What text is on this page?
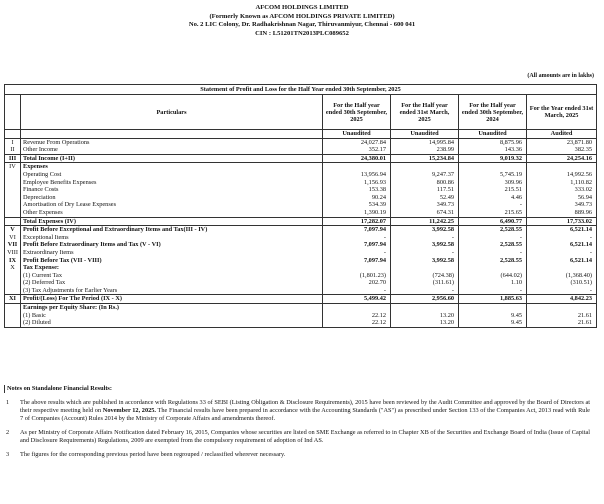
AFCOM HOLDINGS LIMITED
(Formerly Known as AFCOM HOLDINGS PRIVATE LIMITED)
No. 2 LIC Colony, Dr. Radhakrishnan Nagar, Thiruvanmiyur, Chennai - 600 041
CIN : L51201TN2013PLC089652
(All amounts are in lakhs)
Statement of Profit and Loss for the Half Year ended 30th September, 2025					
	Particulars	For the Half year ended 30th September, 2025	For the Half year ended 31st March, 2025	For the Half year ended 30th September, 2024	For the Year ended 31st March, 2025
		Unaudited	Unaudited	Unaudited	Audited
I	Revenue From Operations	24,027.84	14,995.84	8,875.96	23,871.80
II	Other Income	352.17	238.99	143.36	382.35
III	Total Income (I+II)	24,380.01	15,234.84	9,019.32	24,254.16
IV	Expenses				
	Operating Cost	13,956.94	9,247.37	5,745.19	14,992.56
	Employee Benefits Expenses	1,156.93	800.86	309.96	1,110.82
	Finance Costs	153.38	117.51	215.51	333.02
	Depreciation	90.24	52.49	4.46	56.94
	Amortisation of Dry Lease Expenses	534.39	349.73	-	349.73
	Other Expenses	1,390.19	674.31	215.65	889.96
	Total Expenses (IV)	17,282.07	11,242.25	6,490.77	17,733.02
V	Profit Before Exceptional and Extraordinary Items and Tax(III - IV)	7,097.94	3,992.58	2,528.55	6,521.14
VI	Exceptional Items	-	-	-	-
VII	Profit Before Extraordinary Items and Tax (V - VI)	7,097.94	3,992.58	2,528.55	6,521.14
VIII	Extraordinary Items	-	-	-	-
IX	Profit Before Tax (VII - VIII)	7,097.94	3,992.58	2,528.55	6,521.14
X	Tax Expense:				
	(1) Current Tax	(1,801.23)	(724.38)	(644.02)	(1,368.40)
	(2) Deferred Tax	202.70	(311.61)	1.10	(310.51)
	(3) Tax Adjustments for Earlier Years	-	-	-	-
XI	Profit/(Loss) For The Period (IX - X)	5,499.42	2,956.60	1,885.63	4,842.23
	Earnings per Equity Share: (In Rs.)				
	(1) Basic	22.12	13.20	9.45	21.61
	(2) Diluted	22.12	13.20	9.45	21.61
Notes on Standalone Financial Results:
1	The above results which are published in accordance with Regulations 33 of SEBI (Listing Obligation & Disclosure Requirements), 2015 have been reviewed by the Audit Committee and approved by the Board of Directors at their respective meeting held on November 12, 2025. The Financial results have been prepared in accordance with the Accounting Standards ("AS") as prescribed under Section 133 of the Companies Act, 2013 read with Rule 7 of Companies (Account) Rules 2014 by the Ministry of Corporate Affairs and amendments thereof.
2	As per Ministry of Corporate Affairs Notification dated February 16, 2015, Companies whose securities are listed on SME Exchange as referred to in Chapter XB of the Securities and Exchange Board of India (Issue of Capital and Disclosure Requirements) Regulations, 2009 are exempted from the compulsory requirement of adoption of Ind AS.
3	The figures for the corresponding previous period have been regrouped / reclassified wherever necessary.
